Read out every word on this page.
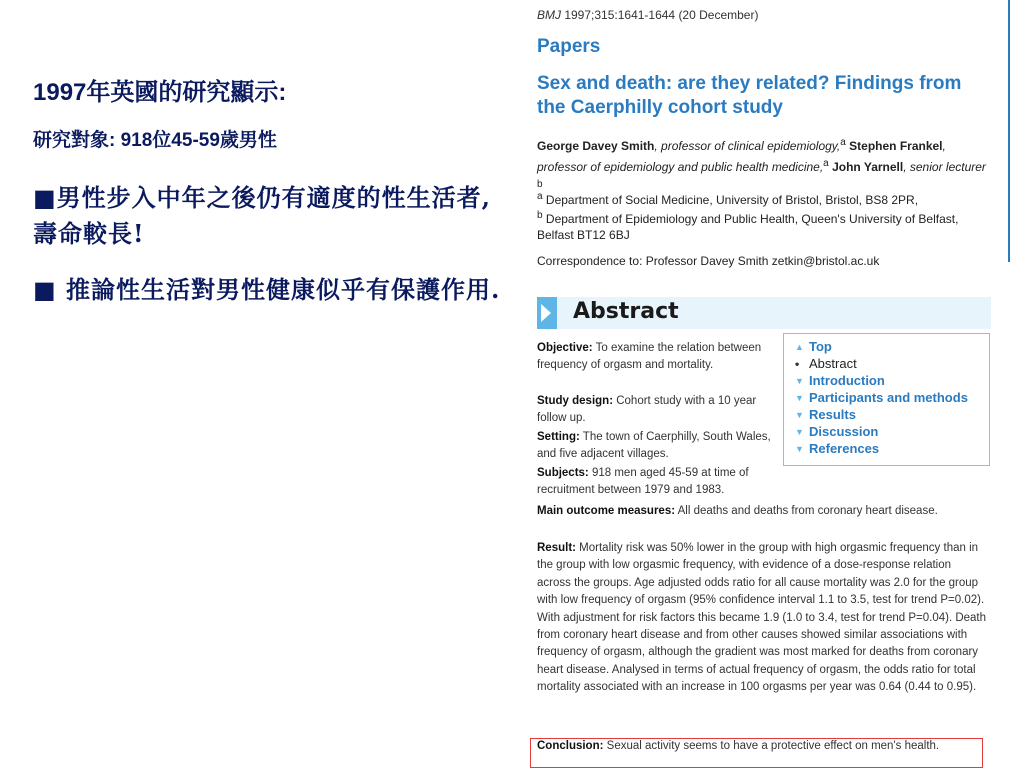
1997年英國的研究顯示:
研究對象: 918位45-59歲男性
■男性步入中年之後仍有適度的性生活者,壽命較長!
■ 推論性生活對男性健康似乎有保護作用.
BMJ 1997;315:1641-1644 (20 December)
Papers
Sex and death: are they related? Findings from the Caerphilly cohort study
George Davey Smith, professor of clinical epidemiology,$^a$ Stephen Frankel, professor of epidemiology and public health medicine,$^a$ John Yarnell, senior lecturer $^b$
$^a$ Department of Social Medicine, University of Bristol, Bristol, BS8 2PR,
$^b$ Department of Epidemiology and Public Health, Queen's University of Belfast, Belfast BT12 6BJ
Correspondence to: Professor Davey Smith zetkin@bristol.ac.uk
Abstract
▲ Top
• Abstract
▼ Introduction
▼ Participants and methods
▼ Results
▼ Discussion
▼ References
Objective: To examine the relation between frequency of orgasm and mortality.
Study design: Cohort study with a 10 year follow up.
Setting: The town of Caerphilly, South Wales, and five adjacent villages.
Subjects: 918 men aged 45-59 at time of recruitment between 1979 and 1983.
Main outcome measures: All deaths and deaths from coronary heart disease.
Result: Mortality risk was 50% lower in the group with high orgasmic frequency than in the group with low orgasmic frequency, with evidence of a dose-response relation across the groups. Age adjusted odds ratio for all cause mortality was 2.0 for the group with low frequency of orgasm (95% confidence interval 1.1 to 3.5, test for trend P=0.02). With adjustment for risk factors this became 1.9 (1.0 to 3.4, test for trend P=0.04). Death from coronary heart disease and from other causes showed similar associations with frequency of orgasm, although the gradient was most marked for deaths from coronary heart disease. Analysed in terms of actual frequency of orgasm, the odds ratio for total mortality associated with an increase in 100 orgasms per year was 0.64 (0.44 to 0.95).
Conclusion: Sexual activity seems to have a protective effect on men's health.
